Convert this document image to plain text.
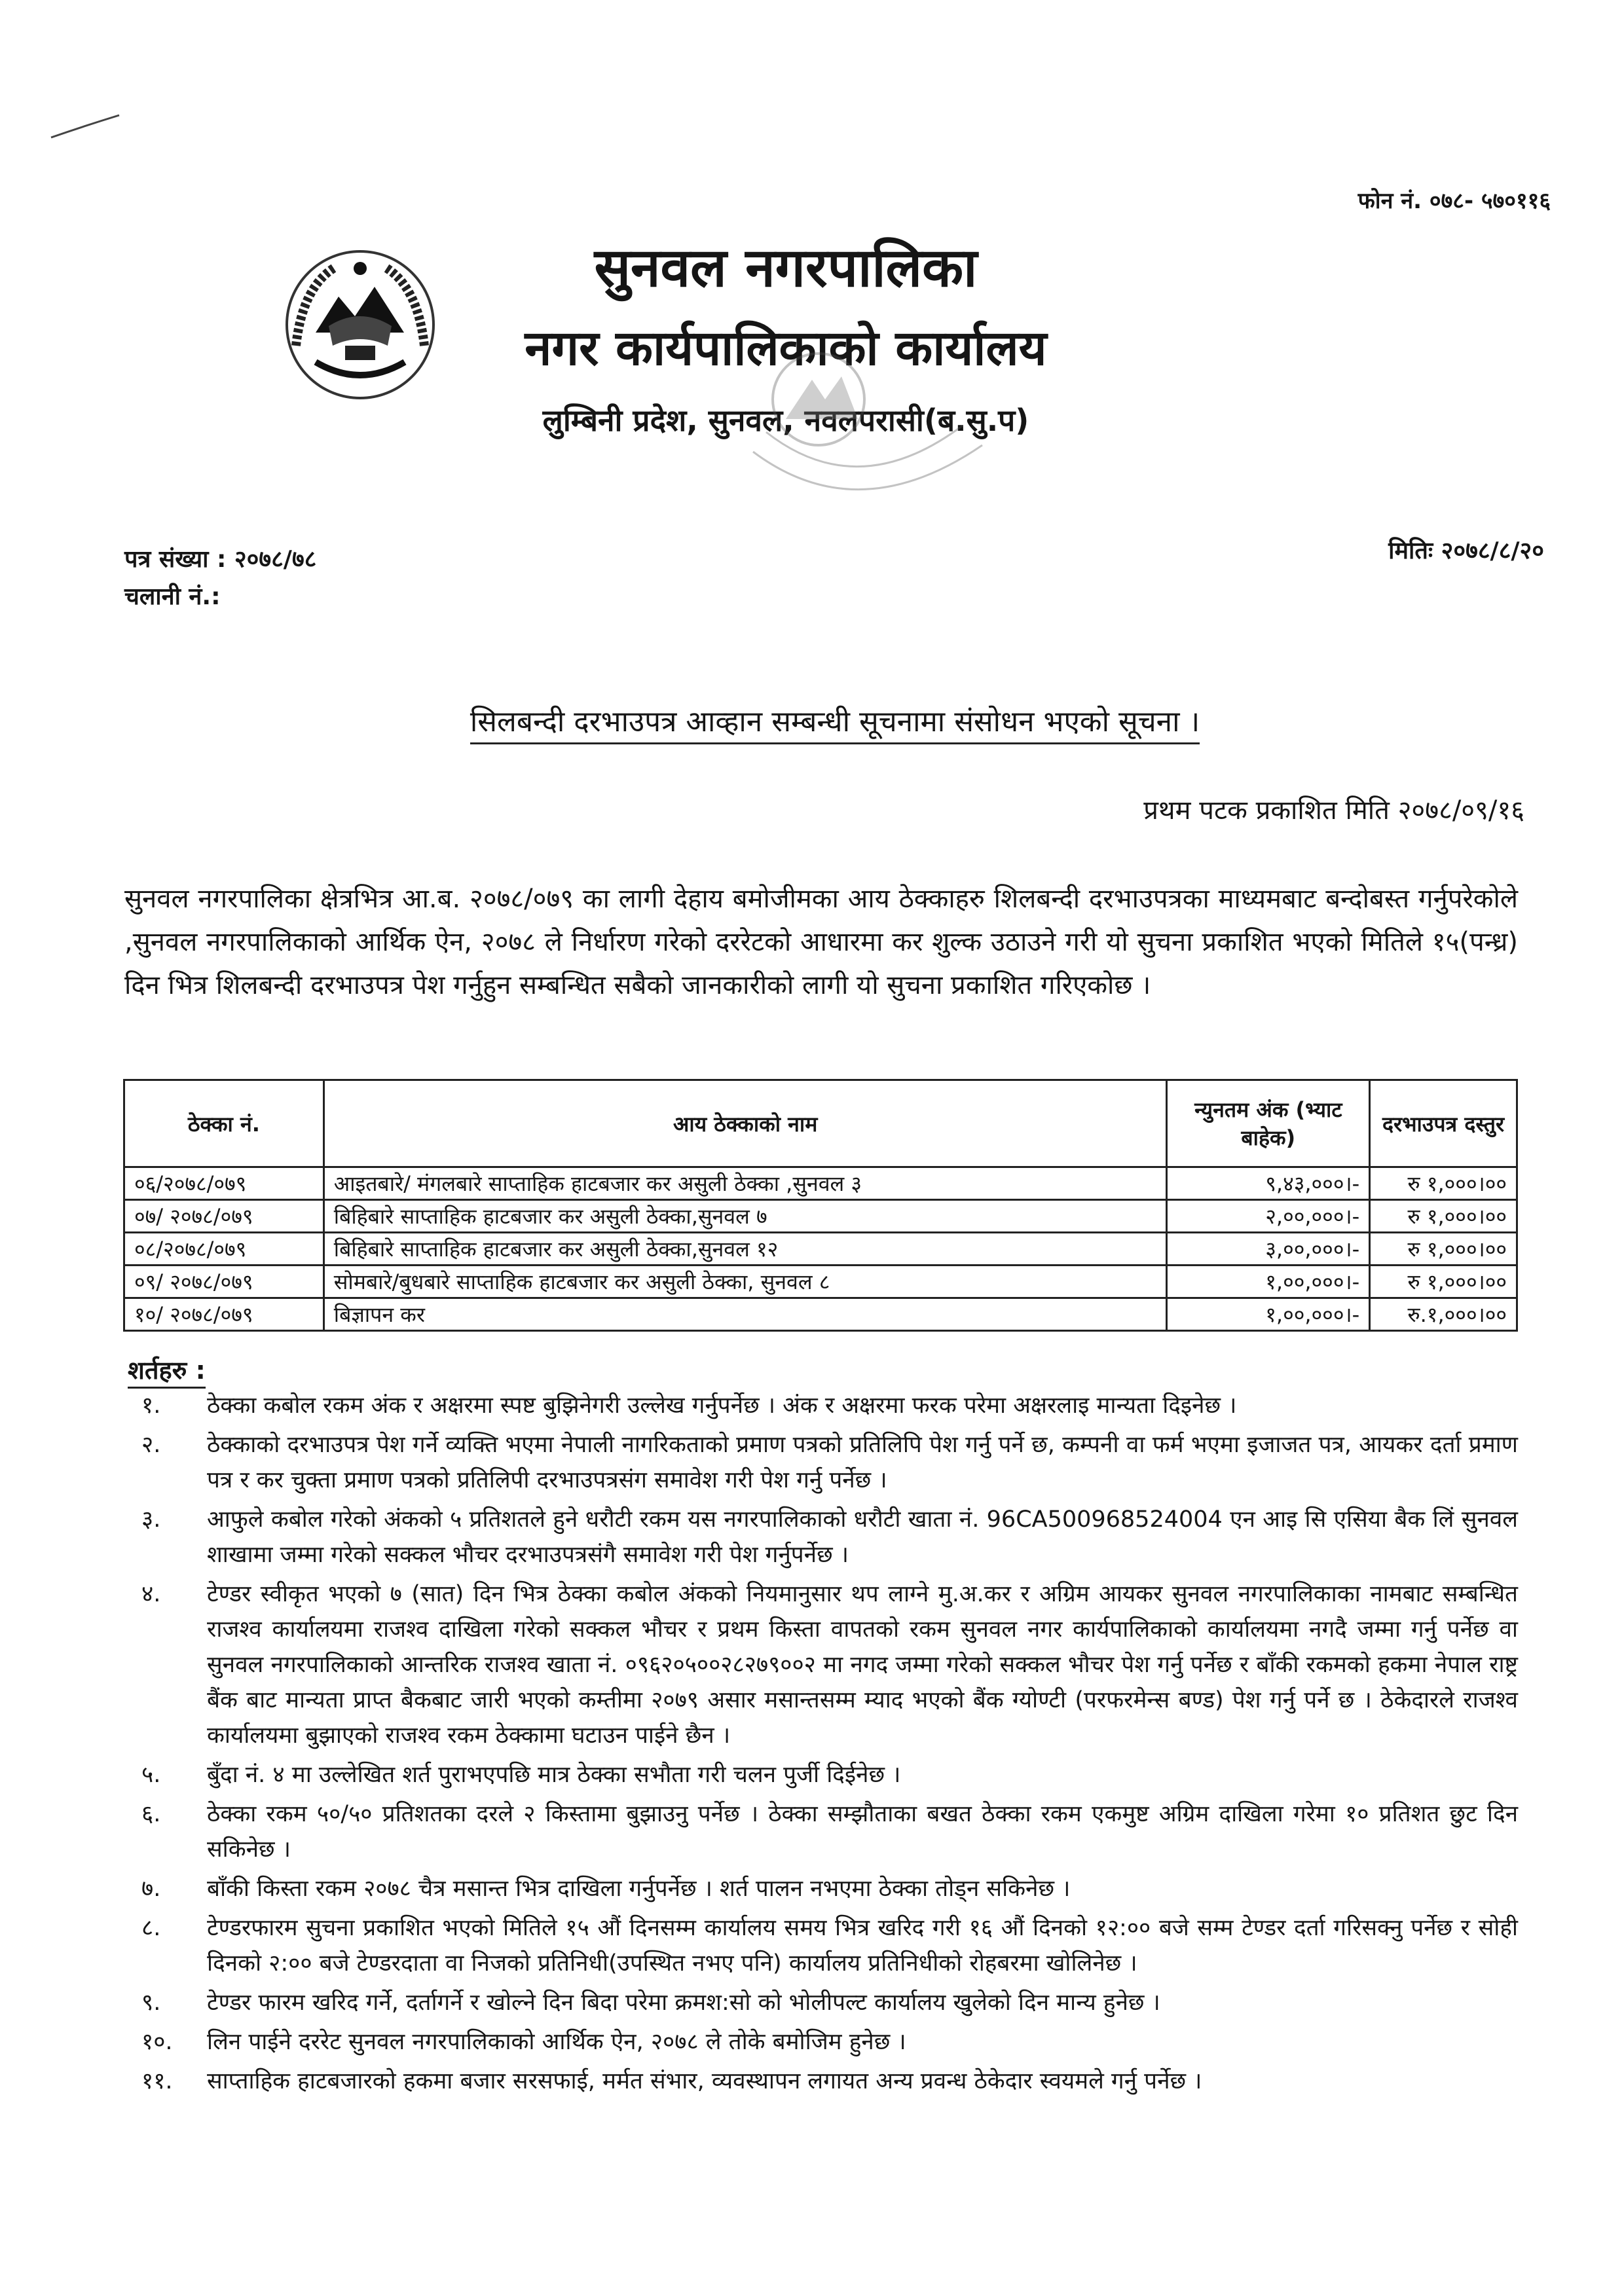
फोन नं. ०७८- ५७०११६
सुनवल नगरपालिका
नगर कार्यपालिकाको कार्यालय
लुम्बिनी प्रदेश, सुनवल, नवलपरासी(ब.सु.प)
पत्र संख्या : २०७८/७८
चलानी नं.:
मितिः २०७८/८/२०
सिलबन्दी दरभाउपत्र आव्हान सम्बन्धी सूचनामा संसोधन भएको सूचना ।
प्रथम पटक प्रकाशित मिति २०७८/०९/१६
सुनवल नगरपालिका क्षेत्रभित्र आ.ब. २०७८/०७९ का लागी देहाय बमोजीमका आय ठेक्काहरु शिलबन्दी दरभाउपत्रका माध्यमबाट बन्दोबस्त गर्नुपरेकोले ,सुनवल नगरपालिकाको आर्थिक ऐन, २०७८ ले निर्धारण गरेको दररेटको आधारमा कर शुल्क उठाउने गरी यो सुचना प्रकाशित भएको मितिले १५(पन्ध्र) दिन भित्र शिलबन्दी दरभाउपत्र पेश गर्नुहुन सम्बन्धित सबैको जानकारीको लागी यो सुचना प्रकाशित गरिएकोछ ।
ठेक्का नं.	आय ठेक्काको नाम	न्युनतम अंक (भ्याट बाहेक)	दरभाउपत्र दस्तुर
०६/२०७८/०७९	आइतबारे/ मंगलबारे साप्ताहिक हाटबजार कर असुली ठेक्का ,सुनवल ३	९,४३,०००।-	रु १,०००।००
०७/ २०७८/०७९	बिहिबारे साप्ताहिक हाटबजार कर असुली ठेक्का,सुनवल ७	२,००,०००।-	रु १,०००।००
०८/२०७८/०७९	बिहिबारे साप्ताहिक हाटबजार कर असुली ठेक्का,सुनवल १२	३,००,०००।-	रु १,०००।००
०९/ २०७८/०७९	सोमबारे/बुधबारे साप्ताहिक हाटबजार कर असुली ठेक्का, सुनवल ८	१,००,०००।-	रु १,०००।००
१०/ २०७८/०७९	बिज्ञापन कर	१,००,०००।-	रु.१,०००।००
शर्तहरु :
१.	ठेक्का कबोल रकम अंक र अक्षरमा स्पष्ट बुझिनेगरी उल्लेख गर्नुपर्नेछ । अंक र अक्षरमा फरक परेमा अक्षरलाइ मान्यता दिइनेछ ।
२.	ठेक्काको दरभाउपत्र पेश गर्ने व्यक्ति भएमा नेपाली नागरिकताको प्रमाण पत्रको प्रतिलिपि पेश गर्नु पर्ने छ, कम्पनी वा फर्म भएमा इजाजत पत्र, आयकर दर्ता प्रमाण पत्र र कर चुक्ता प्रमाण पत्रको प्रतिलिपी दरभाउपत्रसंग समावेश गरी पेश गर्नु पर्नेछ ।
३.	आफुले कबोल गरेको अंकको ५ प्रतिशतले हुने धरौटी रकम यस नगरपालिकाको धरौटी खाता नं. 96CA500968524004 एन आइ सि एसिया बैक लिं सुनवल शाखामा जम्मा गरेको सक्कल भौचर दरभाउपत्रसंगै समावेश गरी पेश गर्नुपर्नेछ ।
४.	टेण्डर स्वीकृत भएको ७ (सात) दिन भित्र ठेक्का कबोल अंकको नियमानुसार थप लाग्ने मु.अ.कर र अग्रिम आयकर सुनवल नगरपालिकाका नामबाट सम्बन्धित राजश्व कार्यालयमा राजश्व दाखिला गरेको सक्कल भौचर र प्रथम किस्ता वापतको रकम सुनवल नगर कार्यपालिकाको कार्यालयमा नगदै जम्मा गर्नु पर्नेछ वा सुनवल नगरपालिकाको आन्तरिक राजश्व खाता नं. ०९६२०५००२८२७९००२ मा नगद जम्मा गरेको सक्कल भौचर पेश गर्नु पर्नेछ र बाँकी रकमको हकमा नेपाल राष्ट्र बैंक बाट मान्यता प्राप्त बैकबाट जारी भएको कम्तीमा २०७९ असार मसान्तसम्म म्याद भएको बैंक ग्योण्टी (परफरमेन्स बण्ड) पेश गर्नु पर्ने छ । ठेकेदारले राजश्व कार्यालयमा बुझाएको राजश्व रकम ठेक्कामा घटाउन पाईने छैन ।
५.	बुँदा नं. ४ मा उल्लेखित शर्त पुराभएपछि मात्र ठेक्का सभौता गरी चलन पुर्जी दिईनेछ ।
६.	ठेक्का रकम ५०/५० प्रतिशतका दरले २ किस्तामा बुझाउनु पर्नेछ । ठेक्का सम्झौताका बखत ठेक्का रकम एकमुष्ट अग्रिम दाखिला गरेमा १० प्रतिशत छुट दिन सकिनेछ ।
७.	बाँकी किस्ता रकम २०७८ चैत्र मसान्त भित्र दाखिला गर्नुपर्नेछ । शर्त पालन नभएमा ठेक्का तोड्न सकिनेछ ।
८.	टेण्डरफारम सुचना प्रकाशित भएको मितिले १५ औं दिनसम्म कार्यालय समय भित्र खरिद गरी १६ औं दिनको १२:०० बजे सम्म टेण्डर दर्ता गरिसक्नु पर्नेछ र सोही दिनको २:०० बजे टेण्डरदाता वा निजको प्रतिनिधी(उपस्थित नभए पनि) कार्यालय प्रतिनिधीको रोहबरमा खोलिनेछ ।
९.	टेण्डर फारम खरिद गर्ने, दर्तागर्ने र खोल्ने दिन बिदा परेमा क्रमश:सो को भोलीपल्ट कार्यालय खुलेको दिन मान्य हुनेछ ।
१०.	लिन पाईने दररेट सुनवल नगरपालिकाको आर्थिक ऐन, २०७८ ले तोके बमोजिम हुनेछ ।
११.	साप्ताहिक हाटबजारको हकमा बजार सरसफाई, मर्मत संभार, व्यवस्थापन लगायत अन्य प्रवन्ध ठेकेदार स्वयमले गर्नु पर्नेछ ।
